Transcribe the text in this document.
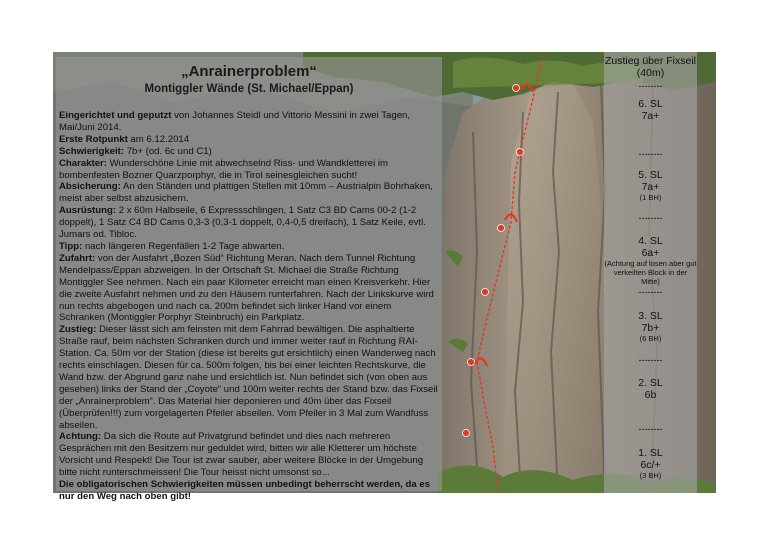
„Anrainerproblem“
Montiggler Wände (St. Michael/Eppan)

Eingerichtet und geputzt von Johannes Steidl und Vittorio Messini in zwei Tagen, Mai/Juni 2014.

Erste Rotpunkt am 6.12.2014

Schwierigkeit: 7b+ (od. 6c und C1)

Charakter: Wunderschöne Linie mit abwechselnd Riss- und Wandkletterei im bombenfesten Bozner Quarzporphyr, die in Tirol seinesgleichen sucht!

Absicherung: An den Ständen und plattigen Stellen mit 10mm – Austrialpin Bohrhaken, meist aber selbst abzusichern.

Ausrüstung: 2 x 60m Halbseile, 6 Expressschlingen, 1 Satz C3 BD Cams 00-2 (1-2 doppelt), 1 Satz C4 BD Cams 0,3-3 (0,3-1 doppelt, 0,4-0,5 dreifach), 1 Satz Keile, evtl. Jumars od. Tibloc.

Tipp: nach längeren Regenfällen 1-2 Tage abwarten.

Zufahrt: von der Ausfahrt „Bozen Süd“ Richtung Meran. Nach dem Tunnel Richtung Mendelpass/Eppan abzweigen. In der Ortschaft St. Michael die Straße Richtung Montiggler See nehmen. Nach ein paar Kilometer erreicht man einen Kreisverkehr. Hier die zweite Ausfahrt nehmen und zu den Häusern runterfahren. Nach der Linkskurve wird nun rechts abgebogen und nach ca. 200m befindet sich linker Hand vor einem Schranken (Montiggler Porphyr Steinbruch) ein Parkplatz.

Zustieg: Dieser lässt sich am feinsten mit dem Fahrrad bewältigen. Die asphaltierte Straße rauf, beim nächsten Schranken durch und immer weiter rauf in Richtung RAI-Station. Ca. 50m vor der Station (diese ist bereits gut ersichtlich) einen Wanderweg nach rechts einschlagen. Diesen für ca. 500m folgen, bis bei einer leichten Rechtskurve, die Wand bzw. der Abgrund ganz nahe und ersichtlich ist. Nun befindet sich (von oben aus gesehen) links der Stand der „Coyote“ und 100m weiter rechts der Stand bzw. das Fixseil der „Anrainerproblem“. Das Material hier deponieren und 40m über das Fixseil (Überprüfen!!!) zum vorgelagerten Pfeiler abseilen. Vom Pfeiler in 3 Mal zum Wandfuss abseilen.

Achtung: Da sich die Route auf Privatgrund befindet und dies nach mehreren Gesprächen mit den Besitzern nur geduldet wird, bitten wir alle Kletterer um höchste Vorsicht und Respekt! Die Tour ist zwar sauber, aber weitere Blöcke in der Umgebung bitte nicht runterschmeissen! Die Tour heisst nicht umsonst so...

Die obligatorischen Schwierigkeiten müssen unbedingt beherrscht werden, da es nur den Weg nach oben gibt!

Zustieg über Fixseil
(40m)
--------
6. SL
7a+
--------
5. SL
7a+
(1 BH)
--------
4. SL
6a+
(Achtung auf losen aber gut verkeilten Block in der Mitte)
--------
3. SL
7b+
(6 BH)
--------
2. SL
6b
--------
1. SL
6c/+
(3 BH)
